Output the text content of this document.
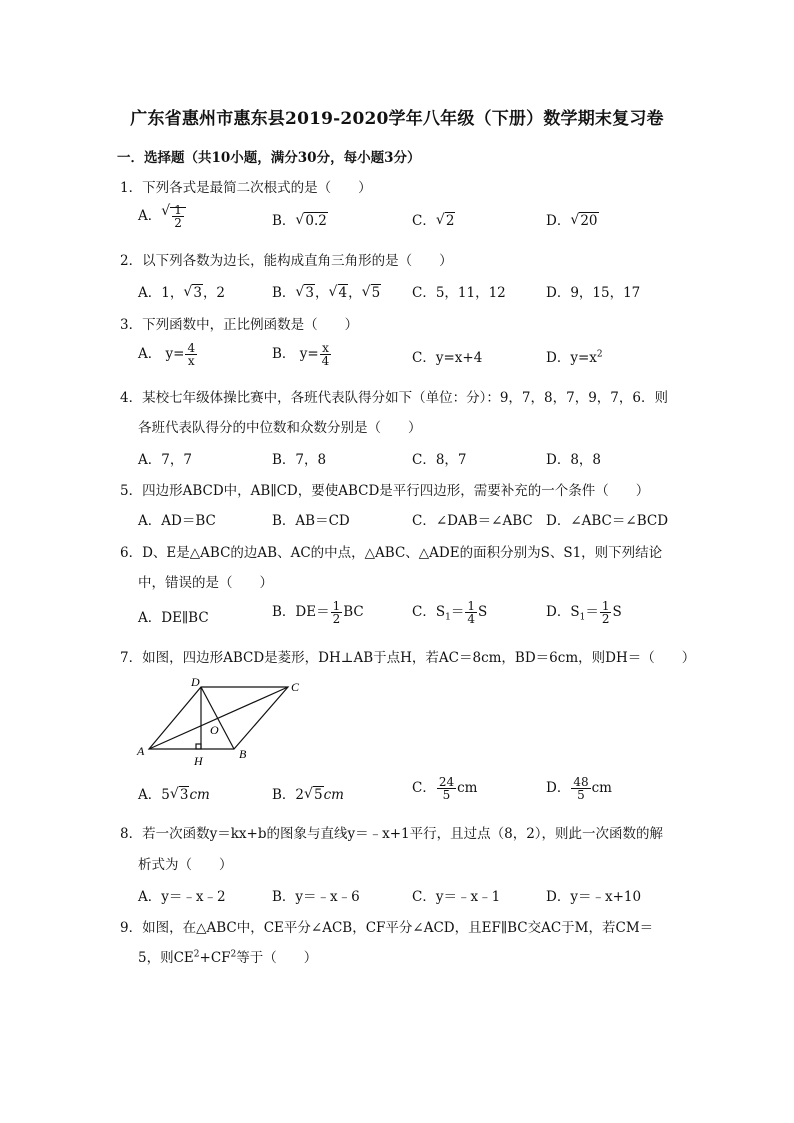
广东省惠州市惠东县2019-2020学年八年级（下册）数学期末复习卷
一．选择题（共10小题，满分30分，每小题3分）
1．下列各式是最简二次根式的是（　　）
A． √ $\frac{1}{2}$	B． √ 0.2	C． √ 2	D． √ 20
2．以下列各数为边长，能构成直角三角形的是（　　）
A．1， √ 3，2	B． √ 3， √ 4， √ 5 C．5，11，12	D．9，15，17
3．下列函数中，正比例函数是（　　）
A． $y= \frac{4}{x}$	B． $y= \frac{x}{4}$	C．y=x+4	D．$y=x^2$
4．某校七年级体操比赛中，各班代表队得分如下（单位：分）：9，7，8，7，9，7，6．则
各班代表队得分的中位数和众数分别是（　　）
A．7，7	B．7，8	C．8，7	D．8，8
5．四边形ABCD中，AB∥CD，要使ABCD是平行四边形，需要补充的一个条件（　　）
A．AD＝BC	B．AB＝CD	C．∠DAB＝∠ABC D．∠ABC＝∠BCD
6．D、E是△ABC的边AB、AC的中点，△ABC、△ADE的面积分别为S、S1，则下列结论
中，错误的是（　　）
A．DE∥BC	B．$DE= \frac{1}{2}$ BC	C．$S_1= \frac{1}{4}$ S	D．$S_1= \frac{1}{2}$ S
7．如图，四边形ABCD是菱形，DH⊥AB于点H，若AC＝8cm，BD＝6cm，则DH＝（　　）
A	B
C
D
O
H
A．5 √ 3cm	B．2 √ 5cm	C． $\frac{24}{5}$ cm	D． $\frac{48}{5}$ cm
8．若一次函数y＝kx+b的图象与直线y＝﹣x+1平行，且过点（8，2），则此一次函数的解
析式为（　　）
A．y＝﹣x﹣2	B．y＝﹣x﹣6	C．y＝﹣x﹣1	D．y＝﹣x+10
9．如图，在△ABC中，CE平分∠ACB，CF平分∠ACD，且EF∥BC交AC于M，若CM＝
5，则$CE^2+CF^2$等于（　　）
